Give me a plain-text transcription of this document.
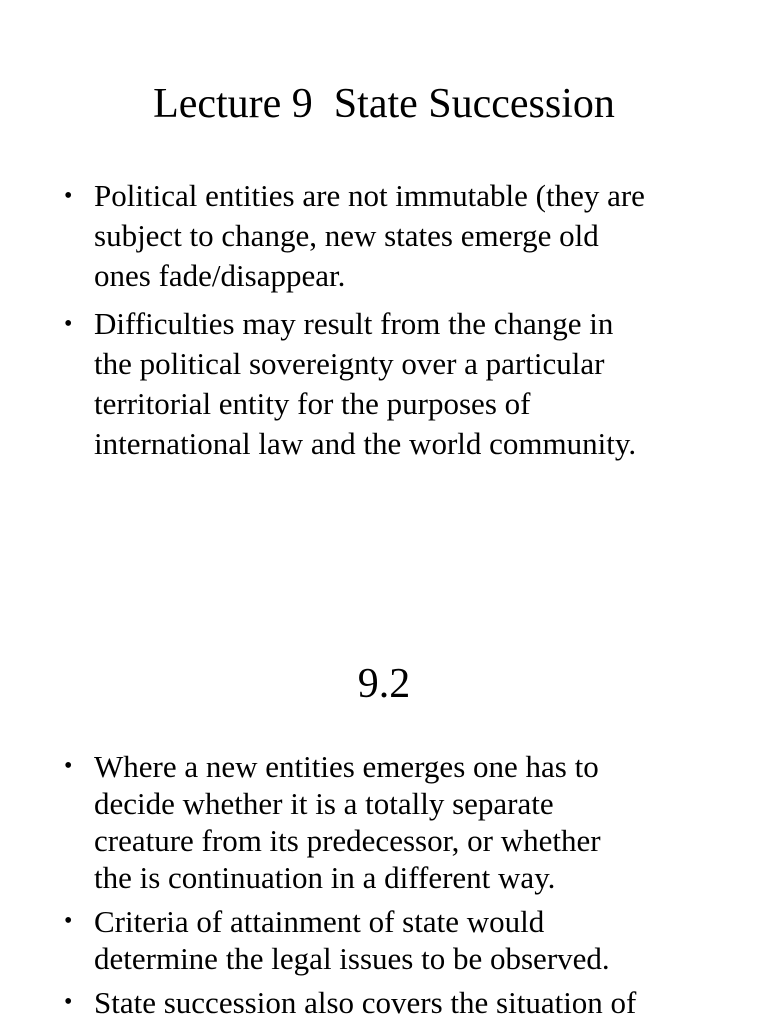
Lecture 9  State Succession
• Political entities are not immutable (they are
subject to change, new states emerge old
ones fade/disappear.
• Difficulties may result from the change in
the political sovereignty over a particular
territorial entity for the purposes of
international law and the world community.
9.2
• Where a new entities emerges one has to
decide whether it is a totally separate
creature from its predecessor, or whether
the is continuation in a different way.
• Criteria of attainment of state would
determine the legal issues to be observed.
• State succession also covers the situation of
